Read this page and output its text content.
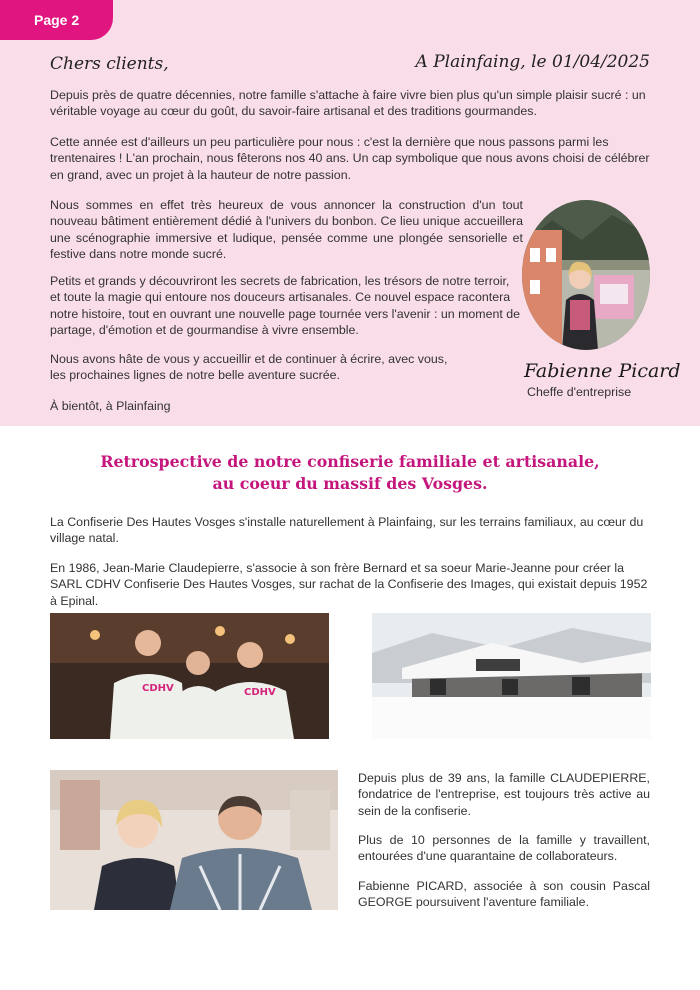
Page 2
Chers clients,	A Plainfaing, le 01/04/2025

Depuis près de quatre décennies, notre famille s'attache à faire vivre bien plus qu'un simple plaisir sucré : un véritable voyage au cœur du goût, du savoir-faire artisanal et des traditions gourmandes.

Cette année est d'ailleurs un peu particulière pour nous : c'est la dernière que nous passons parmi les trentenaires ! L'an prochain, nous fêterons nos 40 ans. Un cap symbolique que nous avons choisi de célébrer en grand, avec un projet à la hauteur de notre passion.

Nous sommes en effet très heureux de vous annoncer la construction d'un tout nouveau bâtiment entièrement dédié à l'univers du bonbon. Ce lieu unique accueillera une scénographie immersive et ludique, pensée comme une plongée sensorielle et festive dans notre monde sucré.

Petits et grands y découvriront les secrets de fabrication, les trésors de notre terroir, et toute la magie qui entoure nos douceurs artisanales. Ce nouvel espace racontera notre histoire, tout en ouvrant une nouvelle page tournée vers l'avenir : un moment de partage, d'émotion et de gourmandise à vivre ensemble.

Nous avons hâte de vous y accueillir et de continuer à écrire, avec vous, les prochaines lignes de notre belle aventure sucrée.

À bientôt, à Plainfaing

Fabienne Picard
Cheffe d'entreprise
Retrospective de notre confiserie familiale et artisanale,
au coeur du massif des Vosges.

La Confiserie Des Hautes Vosges s'installe naturellement à Plainfaing, sur les terrains familiaux, au cœur du village natal.

En 1986, Jean-Marie Claudepierre, s'associe à son frère Bernard et sa soeur Marie-Jeanne pour créer la SARL CDHV Confiserie Des Hautes Vosges, sur rachat de la Confiserie des Images, qui existait depuis 1952 à Epinal.

CDHV	CDHV

Depuis plus de 39 ans, la famille CLAUDEPIERRE, fondatrice de l'entreprise, est toujours très active au sein de la confiserie.

Plus de 10 personnes de la famille y travaillent, entourées d'une quarantaine de collaborateurs.

Fabienne PICARD, associée à son cousin Pascal GEORGE poursuivent l'aventure familiale.
